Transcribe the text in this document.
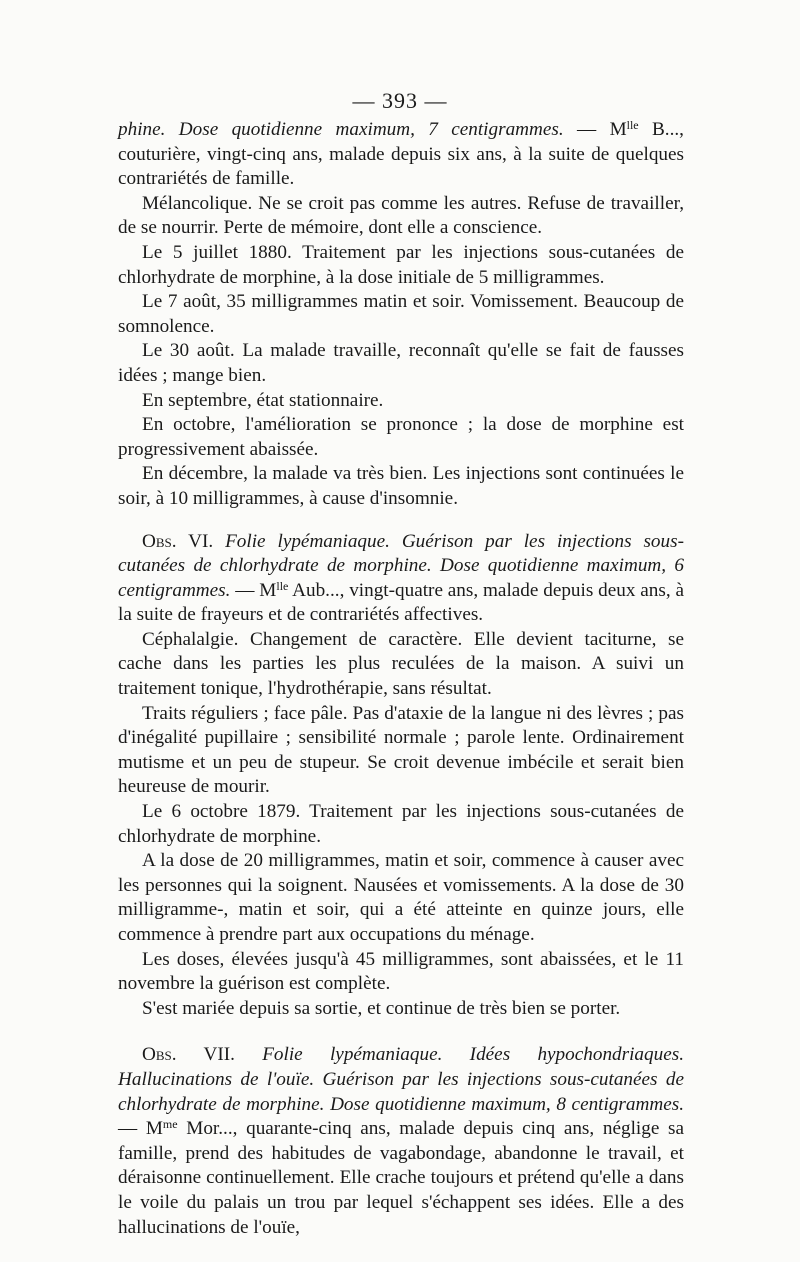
— 393 —

phine. Dose quotidienne maximum, 7 centigrammes. — $M^{lle}$ B..., couturière, vingt-cinq ans, malade depuis six ans, à la suite de quelques contrariétés de famille.

Mélancolique. Ne se croit pas comme les autres. Refuse de travailler, de se nourrir. Perte de mémoire, dont elle a conscience.

Le 5 juillet 1880. Traitement par les injections sous-cutanées de chlorhydrate de morphine, à la dose initiale de 5 milligrammes.

Le 7 août, 35 milligrammes matin et soir. Vomissement. Beaucoup de somnolence.

Le 30 août. La malade travaille, reconnaît qu'elle se fait de fausses idées ; mange bien.

En septembre, état stationnaire.

En octobre, l'amélioration se prononce ; la dose de morphine est progressivement abaissée.

En décembre, la malade va très bien. Les injections sont continuées le soir, à 10 milligrammes, à cause d'insomnie.

Obs. VI. Folie lypémaniaque. Guérison par les injections sous-cutanées de chlorhydrate de morphine. Dose quotidienne maximum, 6 centigrammes. — $M^{lle}$ Aub..., vingt-quatre ans, malade depuis deux ans, à la suite de frayeurs et de contrariétés affectives.

Céphalalgie. Changement de caractère. Elle devient taciturne, se cache dans les parties les plus reculées de la maison. A suivi un traitement tonique, l'hydrothérapie, sans résultat.

Traits réguliers ; face pâle. Pas d'ataxie de la langue ni des lèvres ; pas d'inégalité pupillaire ; sensibilité normale ; parole lente. Ordinairement mutisme et un peu de stupeur. Se croit devenue imbécile et serait bien heureuse de mourir.

Le 6 octobre 1879. Traitement par les injections sous-cutanées de chlorhydrate de morphine.

A la dose de 20 milligrammes, matin et soir, commence à causer avec les personnes qui la soignent. Nausées et vomissements. A la dose de 30 milligramme-, matin et soir, qui a été atteinte en quinze jours, elle commence à prendre part aux occupations du ménage.

Les doses, élevées jusqu'à 45 milligrammes, sont abaissées, et le 11 novembre la guérison est complète.

S'est mariée depuis sa sortie, et continue de très bien se porter.

Obs. VII. Folie lypémaniaque. Idées hypochondriaques. Hallucinations de l'ouïe. Guérison par les injections sous-cutanées de chlorhydrate de morphine. Dose quotidienne maximum, 8 centigrammes. — $M^{me}$ Mor..., quarante-cinq ans, malade depuis cinq ans, néglige sa famille, prend des habitudes de vagabondage, abandonne le travail, et déraisonne continuellement. Elle crache toujours et prétend qu'elle a dans le voile du palais un trou par lequel s'échappent ses idées. Elle a des hallucinations de l'ouïe,
